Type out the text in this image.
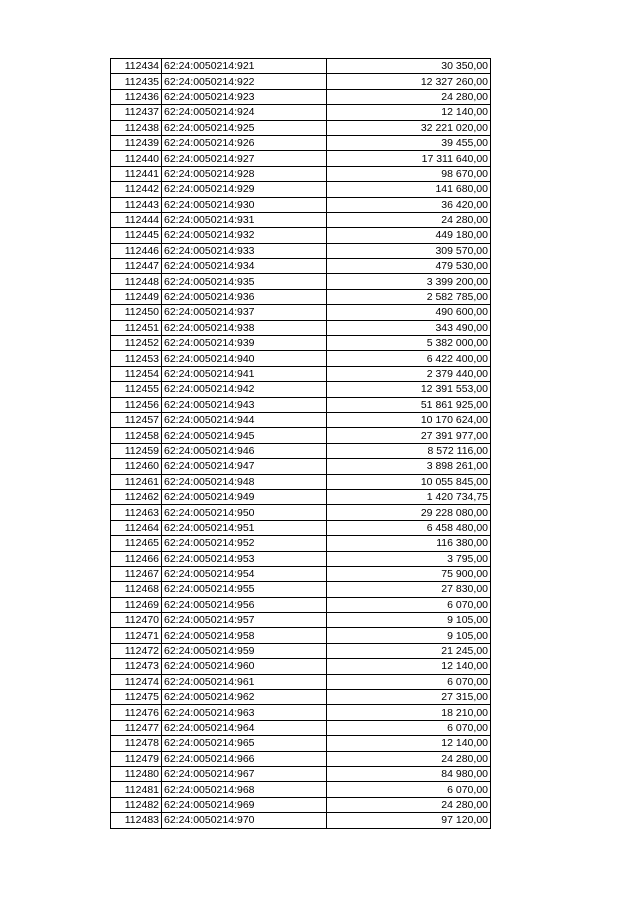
112434	62:24:0050214:921	30 350,00
112435	62:24:0050214:922	12 327 260,00
112436	62:24:0050214:923	24 280,00
112437	62:24:0050214:924	12 140,00
112438	62:24:0050214:925	32 221 020,00
112439	62:24:0050214:926	39 455,00
112440	62:24:0050214:927	17 311 640,00
112441	62:24:0050214:928	98 670,00
112442	62:24:0050214:929	141 680,00
112443	62:24:0050214:930	36 420,00
112444	62:24:0050214:931	24 280,00
112445	62:24:0050214:932	449 180,00
112446	62:24:0050214:933	309 570,00
112447	62:24:0050214:934	479 530,00
112448	62:24:0050214:935	3 399 200,00
112449	62:24:0050214:936	2 582 785,00
112450	62:24:0050214:937	490 600,00
112451	62:24:0050214:938	343 490,00
112452	62:24:0050214:939	5 382 000,00
112453	62:24:0050214:940	6 422 400,00
112454	62:24:0050214:941	2 379 440,00
112455	62:24:0050214:942	12 391 553,00
112456	62:24:0050214:943	51 861 925,00
112457	62:24:0050214:944	10 170 624,00
112458	62:24:0050214:945	27 391 977,00
112459	62:24:0050214:946	8 572 116,00
112460	62:24:0050214:947	3 898 261,00
112461	62:24:0050214:948	10 055 845,00
112462	62:24:0050214:949	1 420 734,75
112463	62:24:0050214:950	29 228 080,00
112464	62:24:0050214:951	6 458 480,00
112465	62:24:0050214:952	116 380,00
112466	62:24:0050214:953	3 795,00
112467	62:24:0050214:954	75 900,00
112468	62:24:0050214:955	27 830,00
112469	62:24:0050214:956	6 070,00
112470	62:24:0050214:957	9 105,00
112471	62:24:0050214:958	9 105,00
112472	62:24:0050214:959	21 245,00
112473	62:24:0050214:960	12 140,00
112474	62:24:0050214:961	6 070,00
112475	62:24:0050214:962	27 315,00
112476	62:24:0050214:963	18 210,00
112477	62:24:0050214:964	6 070,00
112478	62:24:0050214:965	12 140,00
112479	62:24:0050214:966	24 280,00
112480	62:24:0050214:967	84 980,00
112481	62:24:0050214:968	6 070,00
112482	62:24:0050214:969	24 280,00
112483	62:24:0050214:970	97 120,00
